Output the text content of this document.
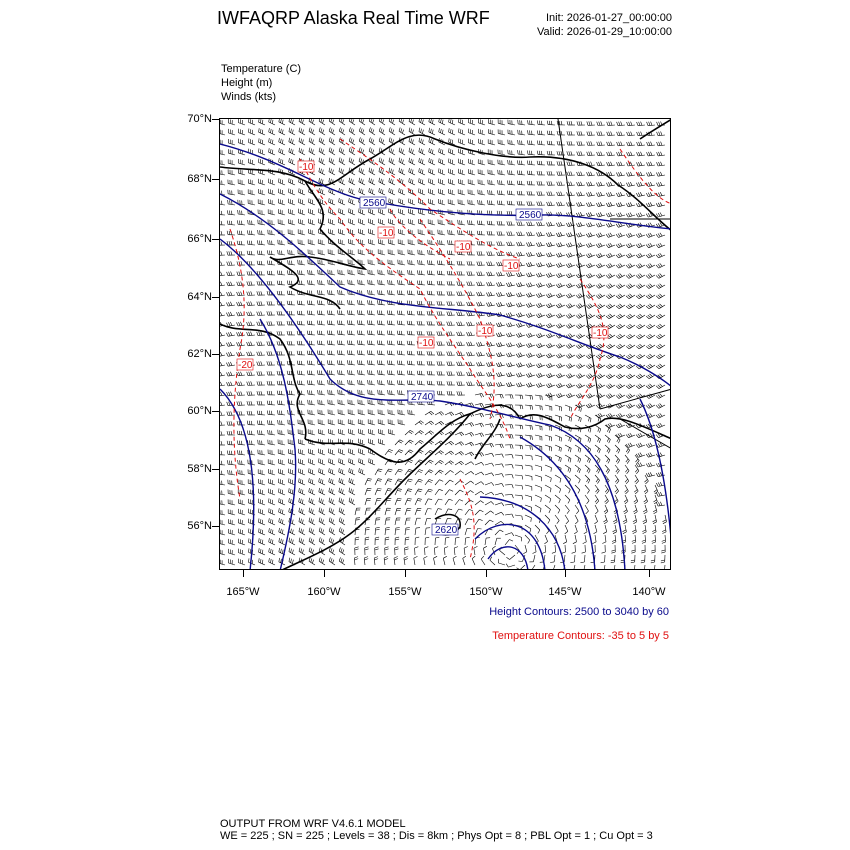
IWFAQRP Alaska Real Time WRF	Init: 2026-01-27_00:00:00
Valid: 2026-01-29_10:00:00
Temperature (C)
Height (m)
Winds (kts)
70°N
68°N
66°N
64°N
62°N
60°N
58°N
56°N
165°W	160°W	155°W	150°W	145°W	140°W
2560
2560
2740
2620
-10
-10
-10
-10
-10
-10
-20
-10
Height Contours: 2500 to 3040 by 60
Temperature Contours: -35 to 5 by 5
OUTPUT FROM WRF V4.6.1 MODEL
WE = 225 ; SN = 225 ; Levels = 38 ; Dis = 8km ; Phys Opt = 8 ; PBL Opt = 1 ; Cu Opt = 3
